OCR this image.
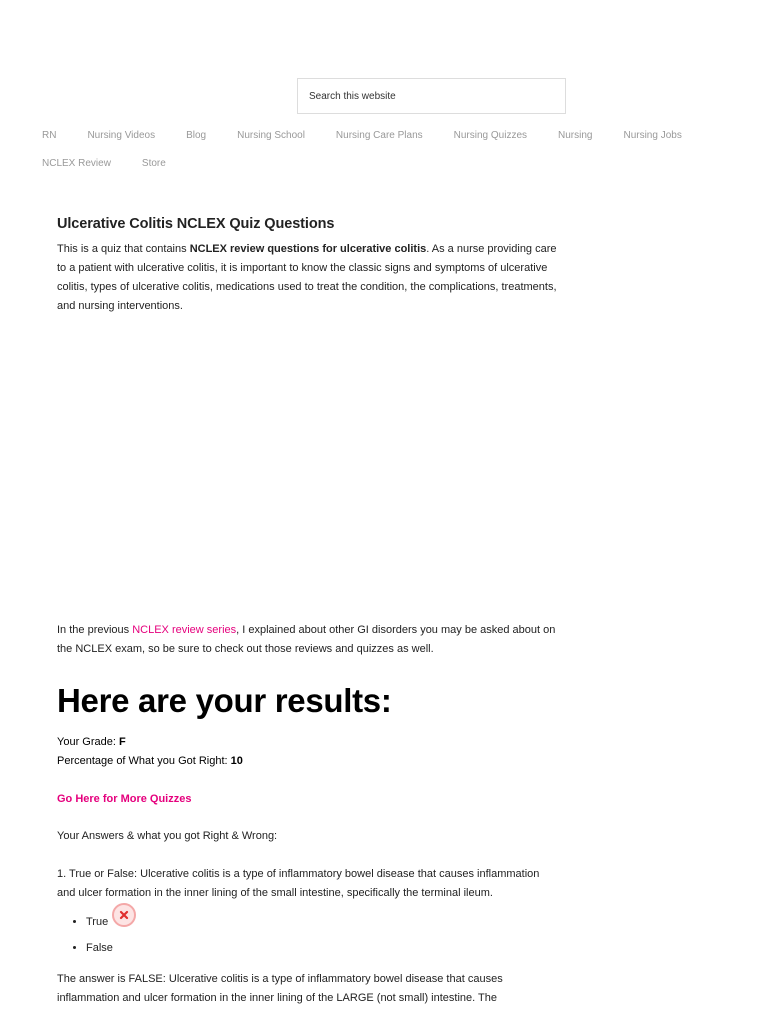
Search this website
RN	Nursing Videos	Blog	Nursing School	Nursing Care Plans	Nursing Quizzes	Nursing	Nursing Jobs
NCLEX Review	Store
Ulcerative Colitis NCLEX Quiz Questions

This is a quiz that contains NCLEX review questions for ulcerative colitis. As a nurse providing care to a patient with ulcerative colitis, it is important to know the classic signs and symptoms of ulcerative colitis, types of ulcerative colitis, medications used to treat the condition, the complications, treatments, and nursing interventions.

In the previous NCLEX review series, I explained about other GI disorders you may be asked about on the NCLEX exam, so be sure to check out those reviews and quizzes as well.

Here are your results:
Your Grade: F
Percentage of What you Got Right: 10
Go Here for More Quizzes
Your Answers & what you got Right & Wrong:
1. True or False: Ulcerative colitis is a type of inflammatory bowel disease that causes inflammation and ulcer formation in the inner lining of the small intestine, specifically the terminal ileum.
• True
• False
The answer is FALSE: Ulcerative colitis is a type of inflammatory bowel disease that causes inflammation and ulcer formation in the inner lining of the LARGE (not small) intestine. The
